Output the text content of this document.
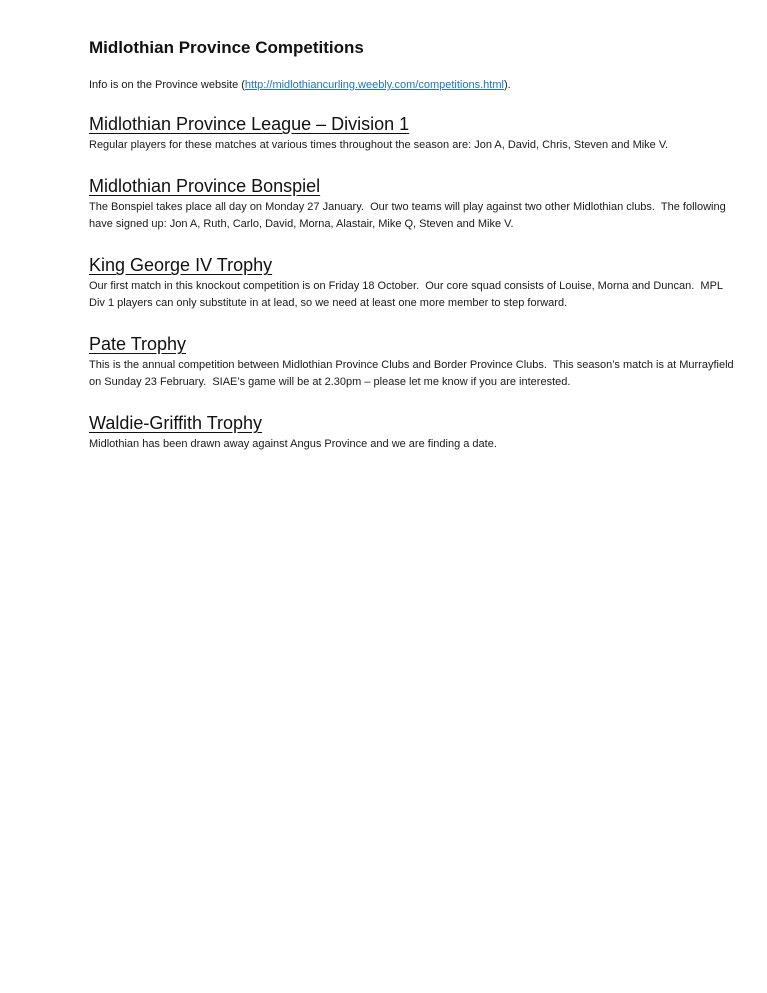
Midlothian Province Competitions

Info is on the Province website (http://midlothiancurling.weebly.com/competitions.html).

Midlothian Province League – Division 1

Regular players for these matches at various times throughout the season are: Jon A, David, Chris, Steven and Mike V.

Midlothian Province Bonspiel

The Bonspiel takes place all day on Monday 27 January.  Our two teams will play against two other Midlothian clubs.  The following have signed up: Jon A, Ruth, Carlo, David, Morna, Alastair, Mike Q, Steven and Mike V.

King George IV Trophy

Our first match in this knockout competition is on Friday 18 October.  Our core squad consists of Louise, Morna and Duncan.  MPL Div 1 players can only substitute in at lead, so we need at least one more member to step forward.

Pate Trophy

This is the annual competition between Midlothian Province Clubs and Border Province Clubs.  This season’s match is at Murrayfield on Sunday 23 February.  SIAE’s game will be at 2.30pm – please let me know if you are interested.

Waldie-Griffith Trophy

Midlothian has been drawn away against Angus Province and we are finding a date.
